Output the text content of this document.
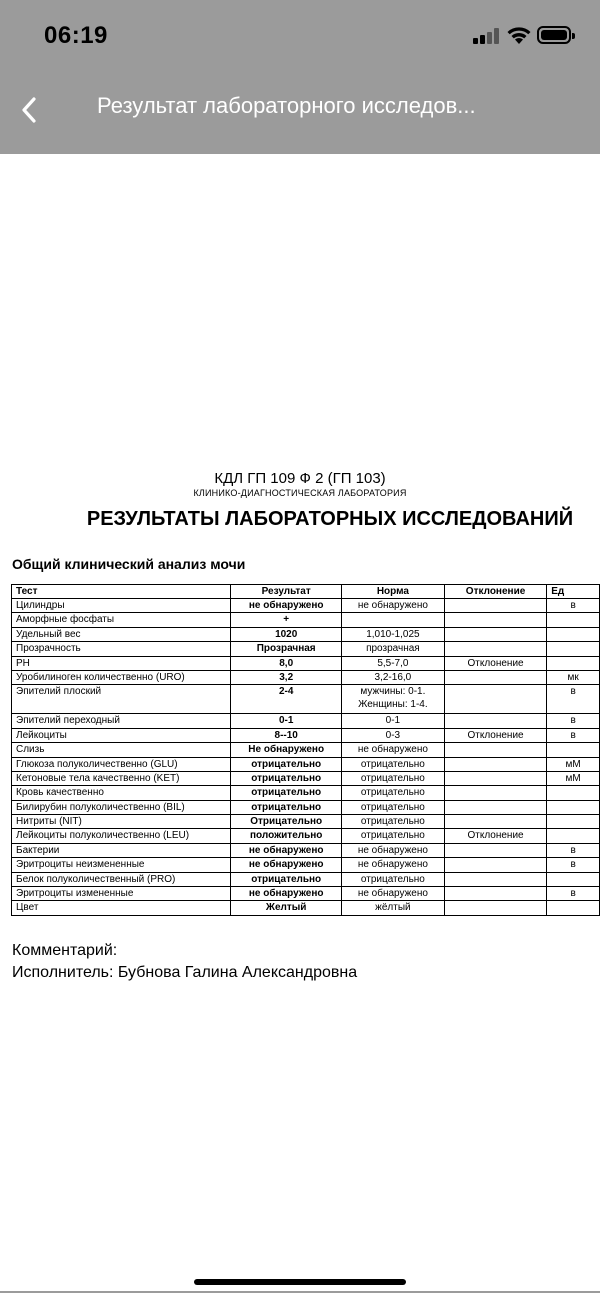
06:19
Результат лабораторного исследов...
КДЛ ГП 109 Ф 2 (ГП 103)
КЛИНИКО-ДИАГНОСТИЧЕСКАЯ ЛАБОРАТОРИЯ
РЕЗУЛЬТАТЫ ЛАБОРАТОРНЫХ ИССЛЕДОВАНИЙ
Общий клинический анализ мочи
Тест	Результат	Норма	Отклонение	Ед
Цилиндры	не обнаружено	не обнаружено		в
Аморфные фосфаты	+			
Удельный вес	1020	1,010-1,025		
Прозрачность	Прозрачная	прозрачная		
PH	8,0	5,5-7,0	Отклонение	
Уробилиноген количественно (URO)	3,2	3,2-16,0		мк
Эпителий плоский	2-4	мужчины: 0-1.
Женщины: 1-4.		в
Эпителий переходный	0-1	0-1		в
Лейкоциты	8--10	0-3	Отклонение	в
Слизь	Не обнаружено	не обнаружено		
Глюкоза полуколичественно (GLU)	отрицательно	отрицательно		мМ
Кетоновые тела качественно (KET)	отрицательно	отрицательно		мМ
Кровь качественно	отрицательно	отрицательно		
Билирубин полуколичественно (BIL)	отрицательно	отрицательно		
Нитриты (NIT)	Отрицательно	отрицательно		
Лейкоциты полуколичественно (LEU)	положительно	отрицательно	Отклонение	
Бактерии	не обнаружено	не обнаружено		в
Эритроциты неизмененные	не обнаружено	не обнаружено		в
Белок полуколичественный (PRO)	отрицательно	отрицательно		
Эритроциты измененные	не обнаружено	не обнаружено		в
Цвет	Желтый	жёлтый		
Комментарий:
Исполнитель: Бубнова Галина Александровна
